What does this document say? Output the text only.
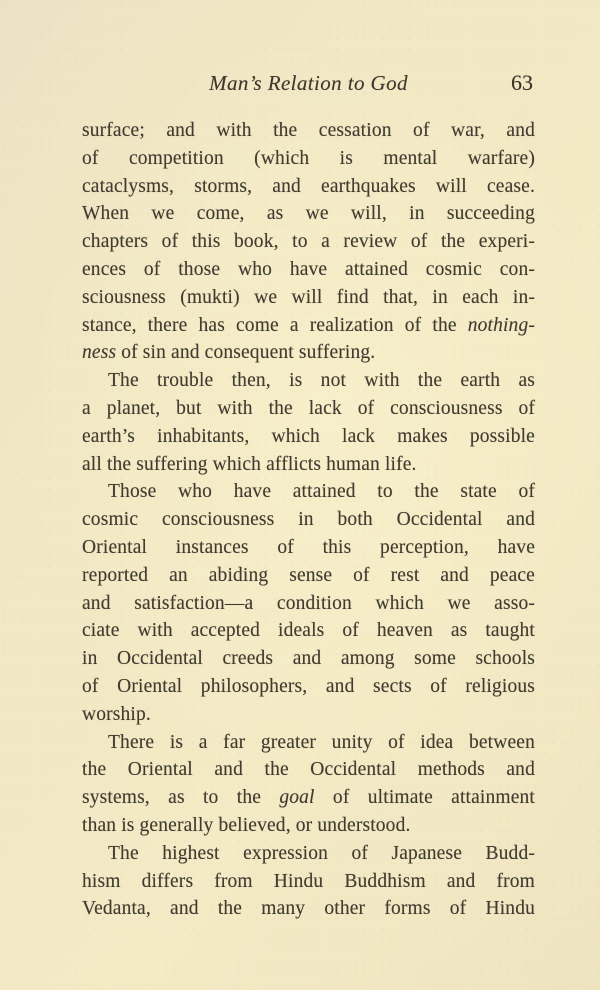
Man’s Relation to God	63
surface; and with the cessation of war, and
of competition (which is mental warfare)
cataclysms, storms, and earthquakes will cease.
When we come, as we will, in succeeding
chapters of this book, to a review of the experi-
ences of those who have attained cosmic con-
sciousness (mukti) we will find that, in each in-
stance, there has come a realization of the nothing-
ness of sin and consequent suffering.
The trouble then, is not with the earth as
a planet, but with the lack of consciousness of
earth’s inhabitants, which lack makes possible
all the suffering which afflicts human life.
Those who have attained to the state of
cosmic consciousness in both Occidental and
Oriental instances of this perception, have
reported an abiding sense of rest and peace
and satisfaction—a condition which we asso-
ciate with accepted ideals of heaven as taught
in Occidental creeds and among some schools
of Oriental philosophers, and sects of religious
worship.
There is a far greater unity of idea between
the Oriental and the Occidental methods and
systems, as to the goal of ultimate attainment
than is generally believed, or understood.
The highest expression of Japanese Budd-
hism differs from Hindu Buddhism and from
Vedanta, and the many other forms of Hindu
